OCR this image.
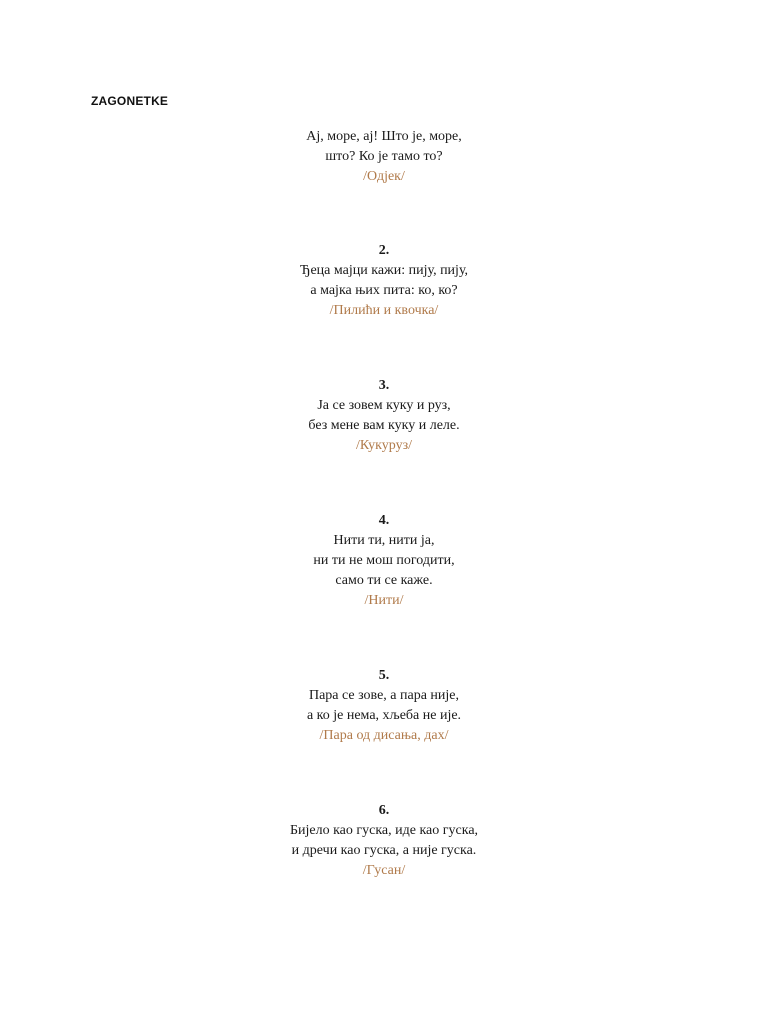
ZAGONETKE
Ај, море, ај! Што је, море,
што? Ко је тамо то?
/Одјек/
2.
Ђеца мајци кажи: пију, пију,
а мајка њих пита: ко, ко?
/Пилићи и квочка/
3.
Ја се зовем куку и руз,
без мене вам куку и леле.
/Кукуруз/
4.
Нити ти, нити ја,
ни ти не мош погодити,
само ти се каже.
/Нити/
5.
Пара се зове, а пара није,
а ко је нема, хљеба не иje.
/Пара од дисања, дах/
6.
Бијело као гуска, иде као гуска,
и дречи као гуска, а није гуска.
/Гусан/
